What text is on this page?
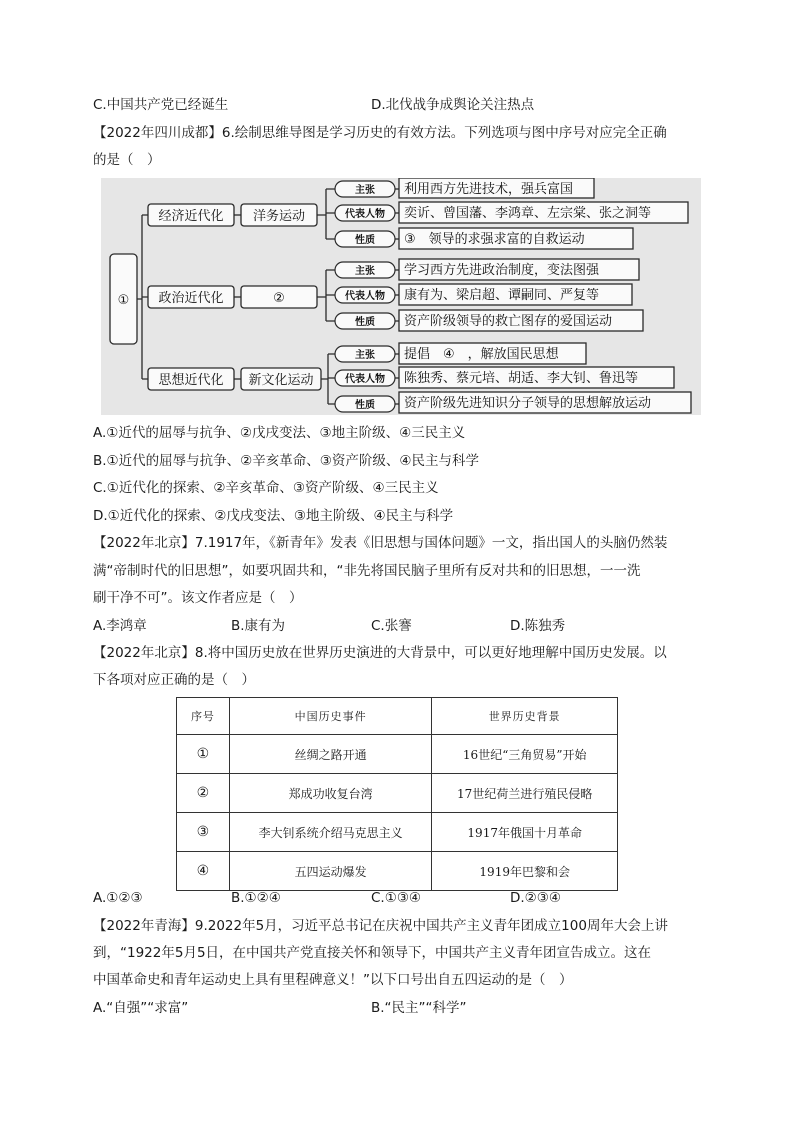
C.中国共产党已经诞生	D.北伐战争成舆论关注热点
【2022年四川成都】6.绘制思维导图是学习历史的有效方法。下列选项与图中序号对应完全正确
的是（　）
①
经济近代化 洋务运动
政治近代化	②
思想近代化 新文化运动
主张 利用西方先进技术，强兵富国
代表人物 奕䜣、曾国藩、李鸿章、左宗棠、张之洞等
性质 ③　领导的求强求富的自救运动
主张 学习西方先进政治制度，变法图强
代表人物 康有为、梁启超、谭嗣同、严复等
性质 资产阶级领导的救亡图存的爱国运动
主张 提倡　④　，解放国民思想
代表人物 陈独秀、蔡元培、胡适、李大钊、鲁迅等
性质 资产阶级先进知识分子领导的思想解放运动
A.①近代的屈辱与抗争、②戊戌变法、③地主阶级、④三民主义
B.①近代的屈辱与抗争、②辛亥革命、③资产阶级、④民主与科学
C.①近代化的探索、②辛亥革命、③资产阶级、④三民主义
D.①近代化的探索、②戊戌变法、③地主阶级、④民主与科学
【2022年北京】7.1917年，《新青年》发表《旧思想与国体问题》一文，指出国人的头脑仍然装
满“帝制时代的旧思想”，如要巩固共和，“非先将国民脑子里所有反对共和的旧思想，一一洗
刷干净不可”。该文作者应是（　）
A.李鸿章	B.康有为	C.张謇	D.陈独秀
【2022年北京】8.将中国历史放在世界历史演进的大背景中，可以更好地理解中国历史发展。以
下各项对应正确的是（　）
序号	中国历史事件	世界历史背景
①	丝绸之路开通	16世纪“三角贸易”开始
②	郑成功收复台湾	17世纪荷兰进行殖民侵略
③	李大钊系统介绍马克思主义	1917年俄国十月革命
④	五四运动爆发	1919年巴黎和会
A.①②③	B.①②④	C.①③④	D.②③④
【2022年青海】9.2022年5月，习近平总书记在庆祝中国共产主义青年团成立100周年大会上讲
到，“1922年5月5日，在中国共产党直接关怀和领导下，中国共产主义青年团宣告成立。这在
中国革命史和青年运动史上具有里程碑意义！”以下口号出自五四运动的是（　）
A.“自强”“求富”	B.“民主”“科学”
